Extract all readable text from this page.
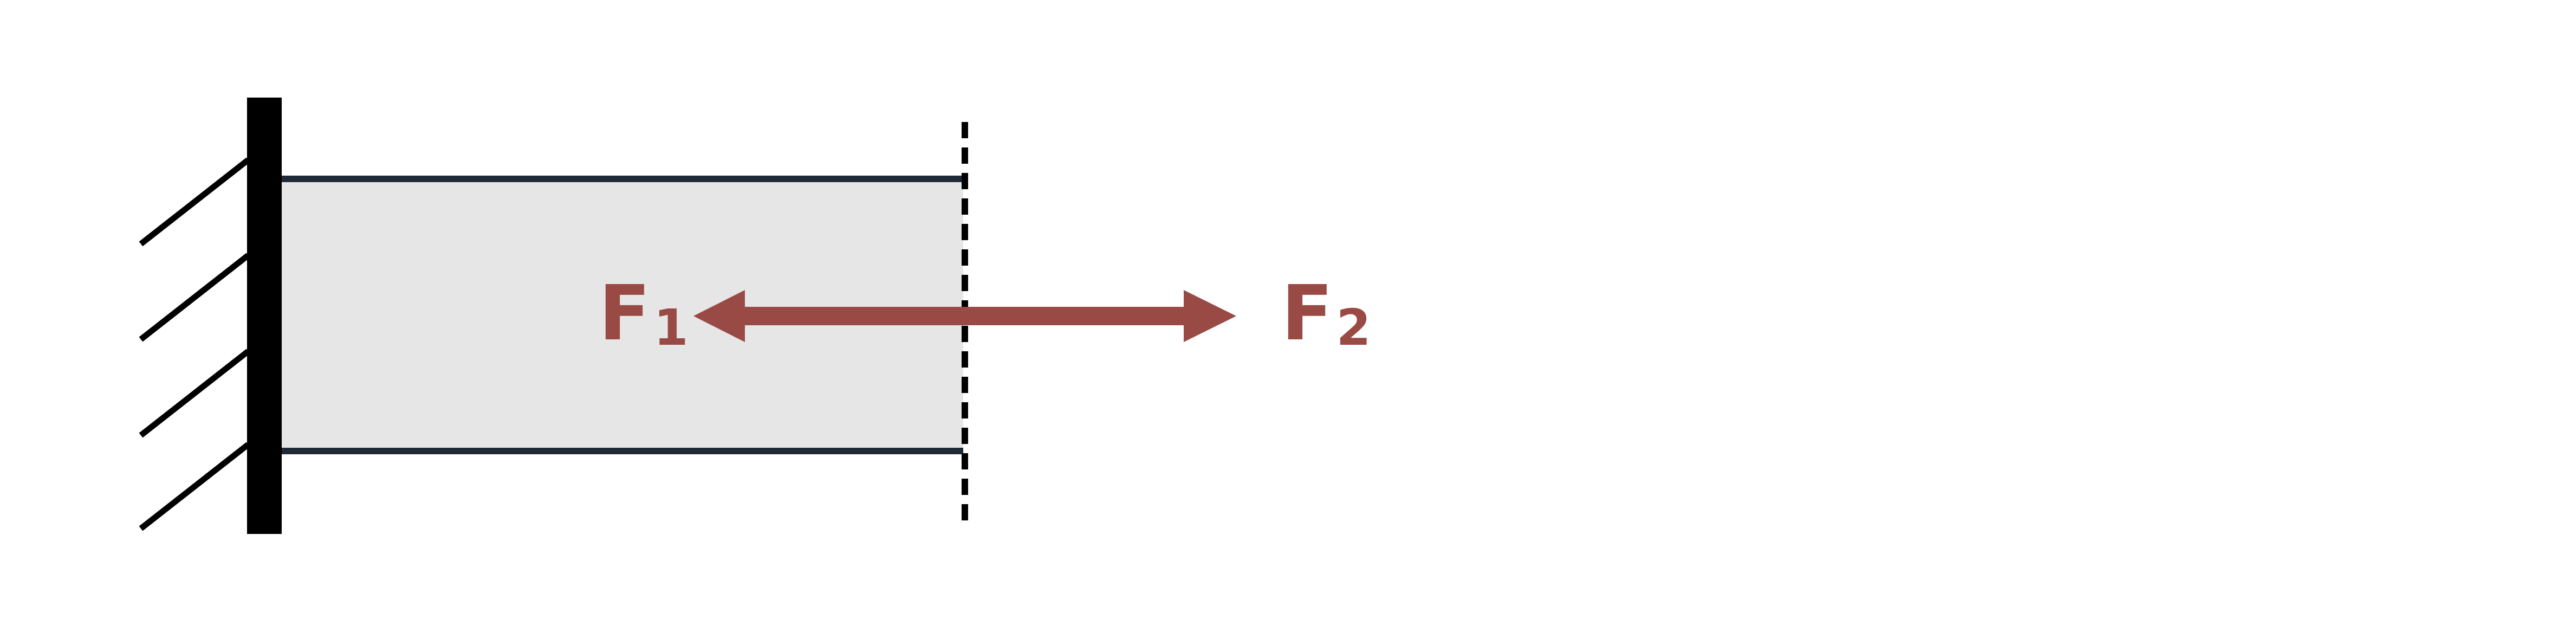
F1	F2
